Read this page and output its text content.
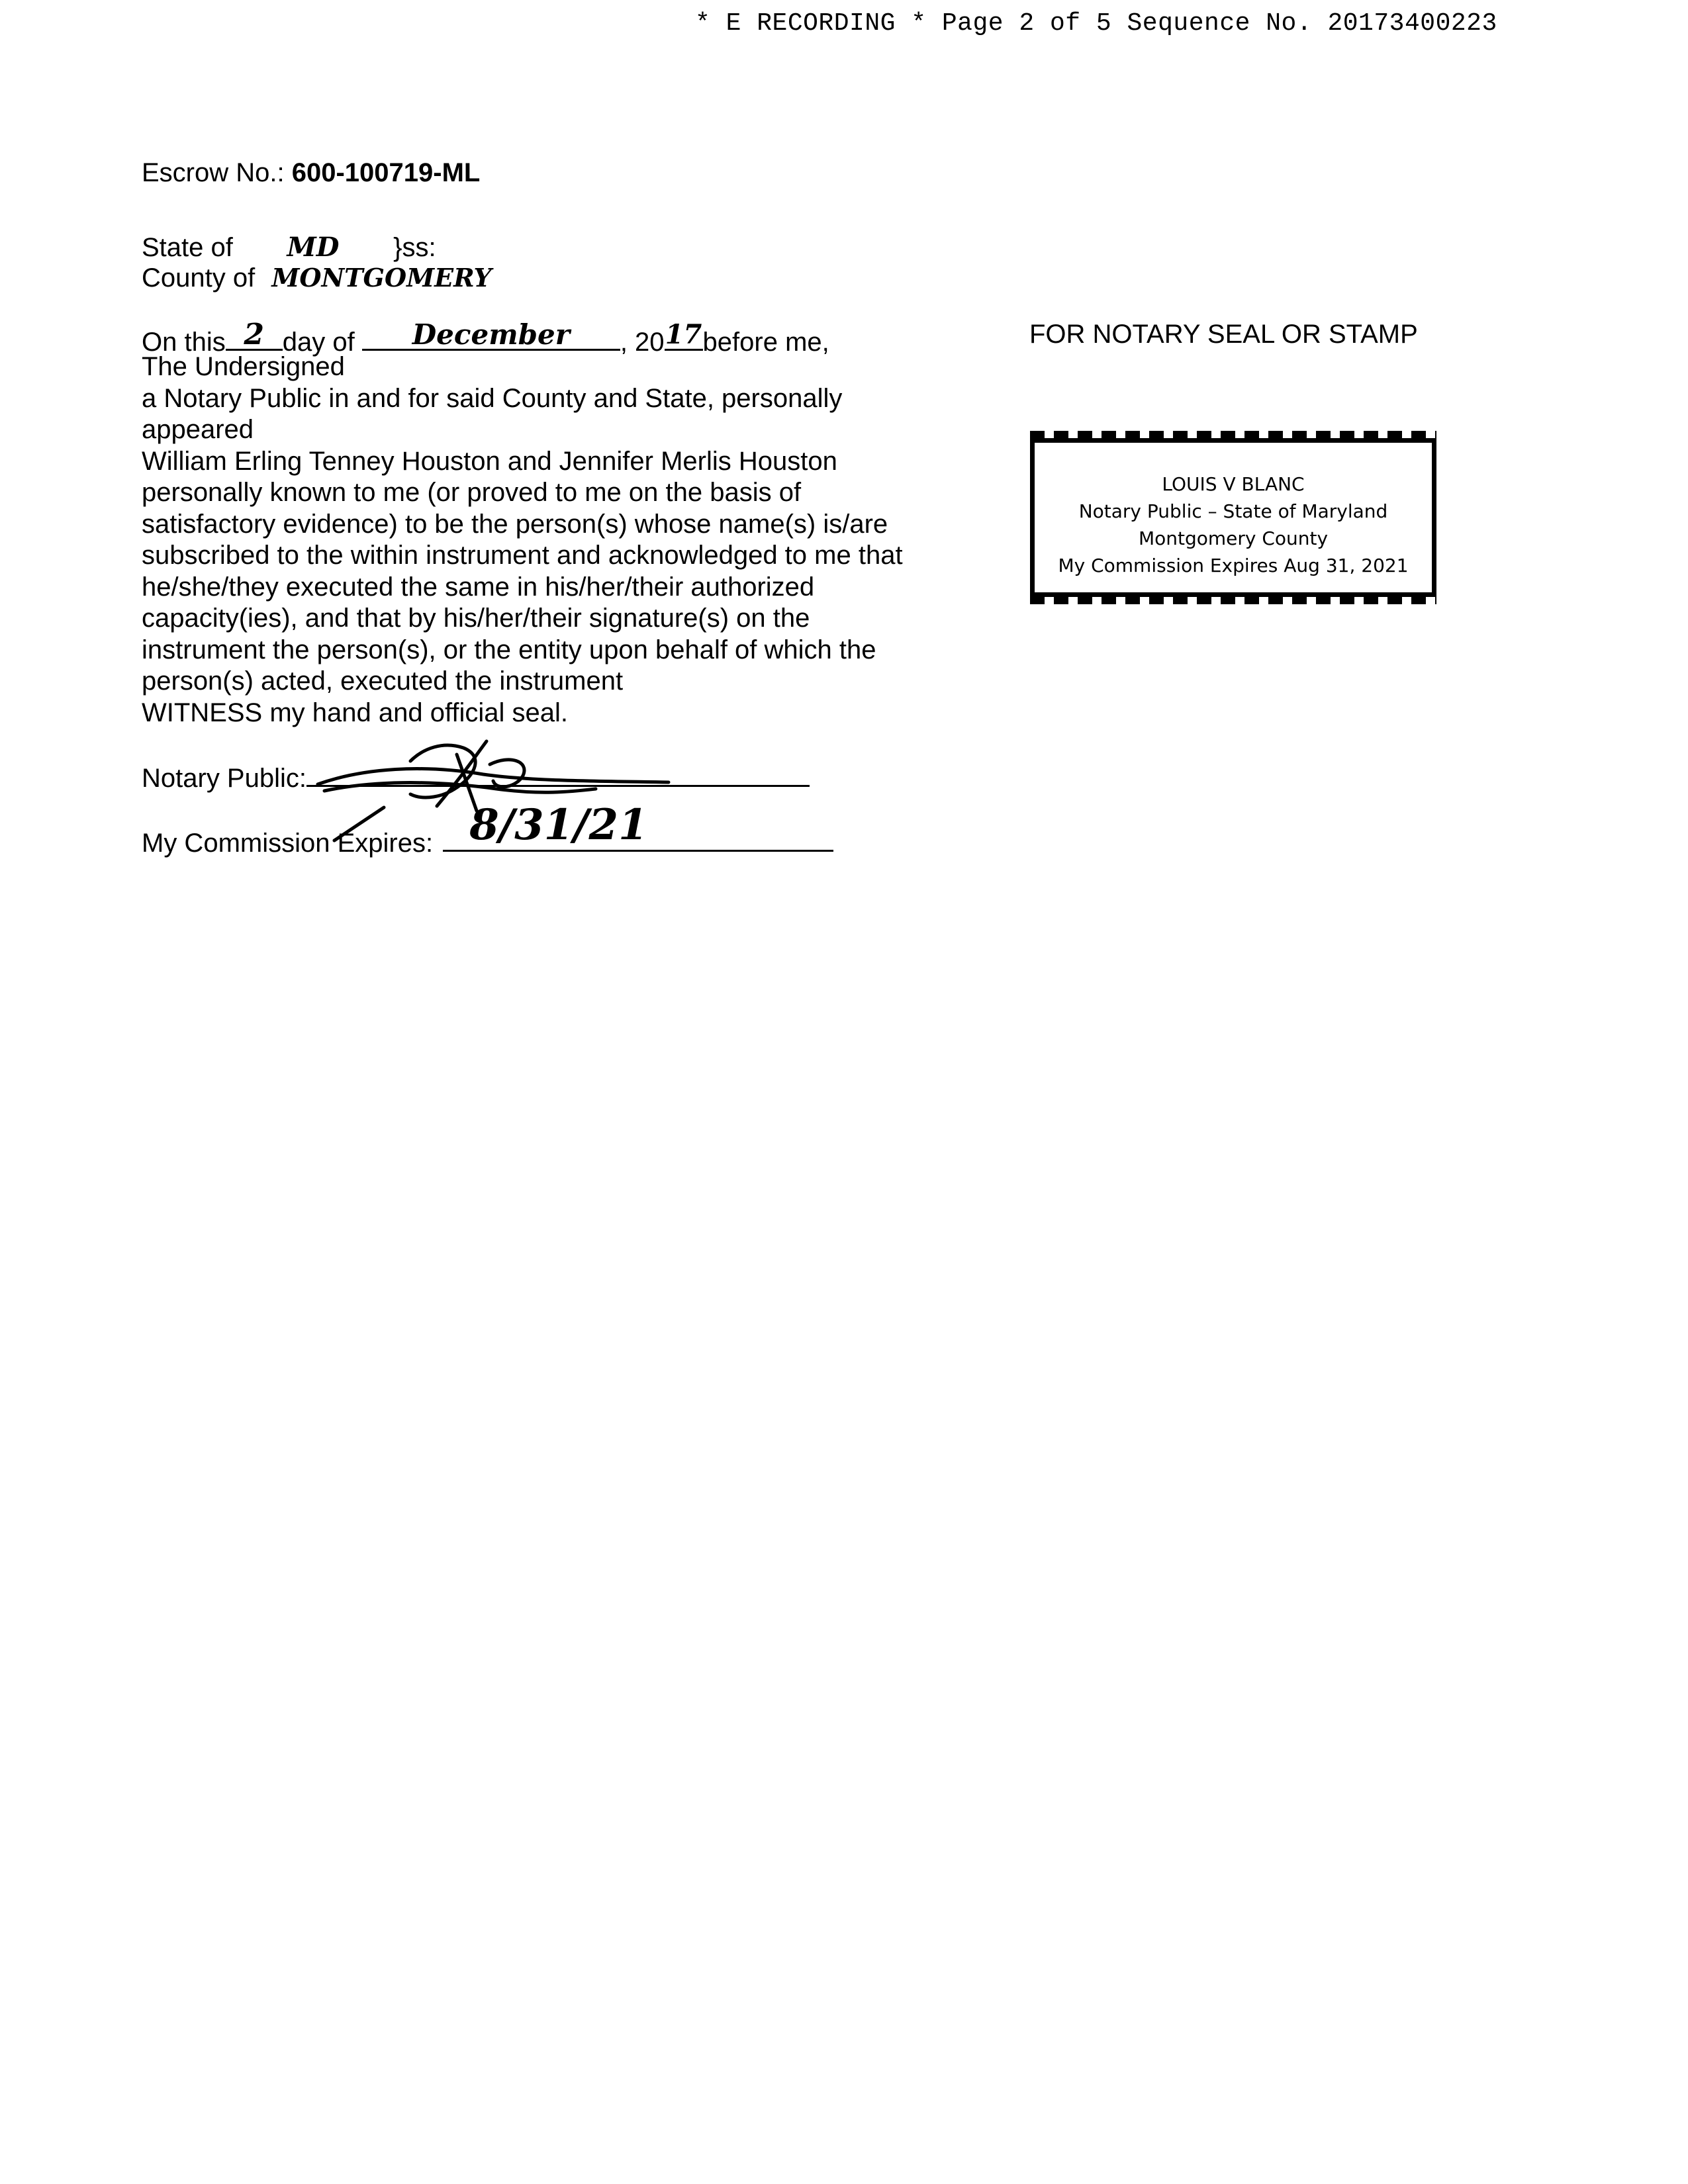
* E RECORDING * Page 2 of 5 Sequence No. 20173400223
Escrow No.: 600-100719-ML
State of MD }ss:
County of MONTGOMERY
On this 2 day of	December	, 20 17 before me,
The Undersigned
a Notary Public in and for said County and State, personally
appeared
William Erling Tenney Houston and Jennifer Merlis Houston
personally known to me (or proved to me on the basis of
satisfactory evidence) to be the person(s) whose name(s) is/are
subscribed to the within instrument and acknowledged to me that
he/she/they executed the same in his/her/their authorized
capacity(ies), and that by his/her/their signature(s) on the
instrument the person(s), or the entity upon behalf of which the
person(s) acted, executed the instrument
WITNESS my hand and official seal.
Notary Public:
My Commission Expires: 8/31/21
FOR NOTARY SEAL OR STAMP
LOUIS V BLANC
Notary Public – State of Maryland
Montgomery County
My Commission Expires Aug 31, 2021
